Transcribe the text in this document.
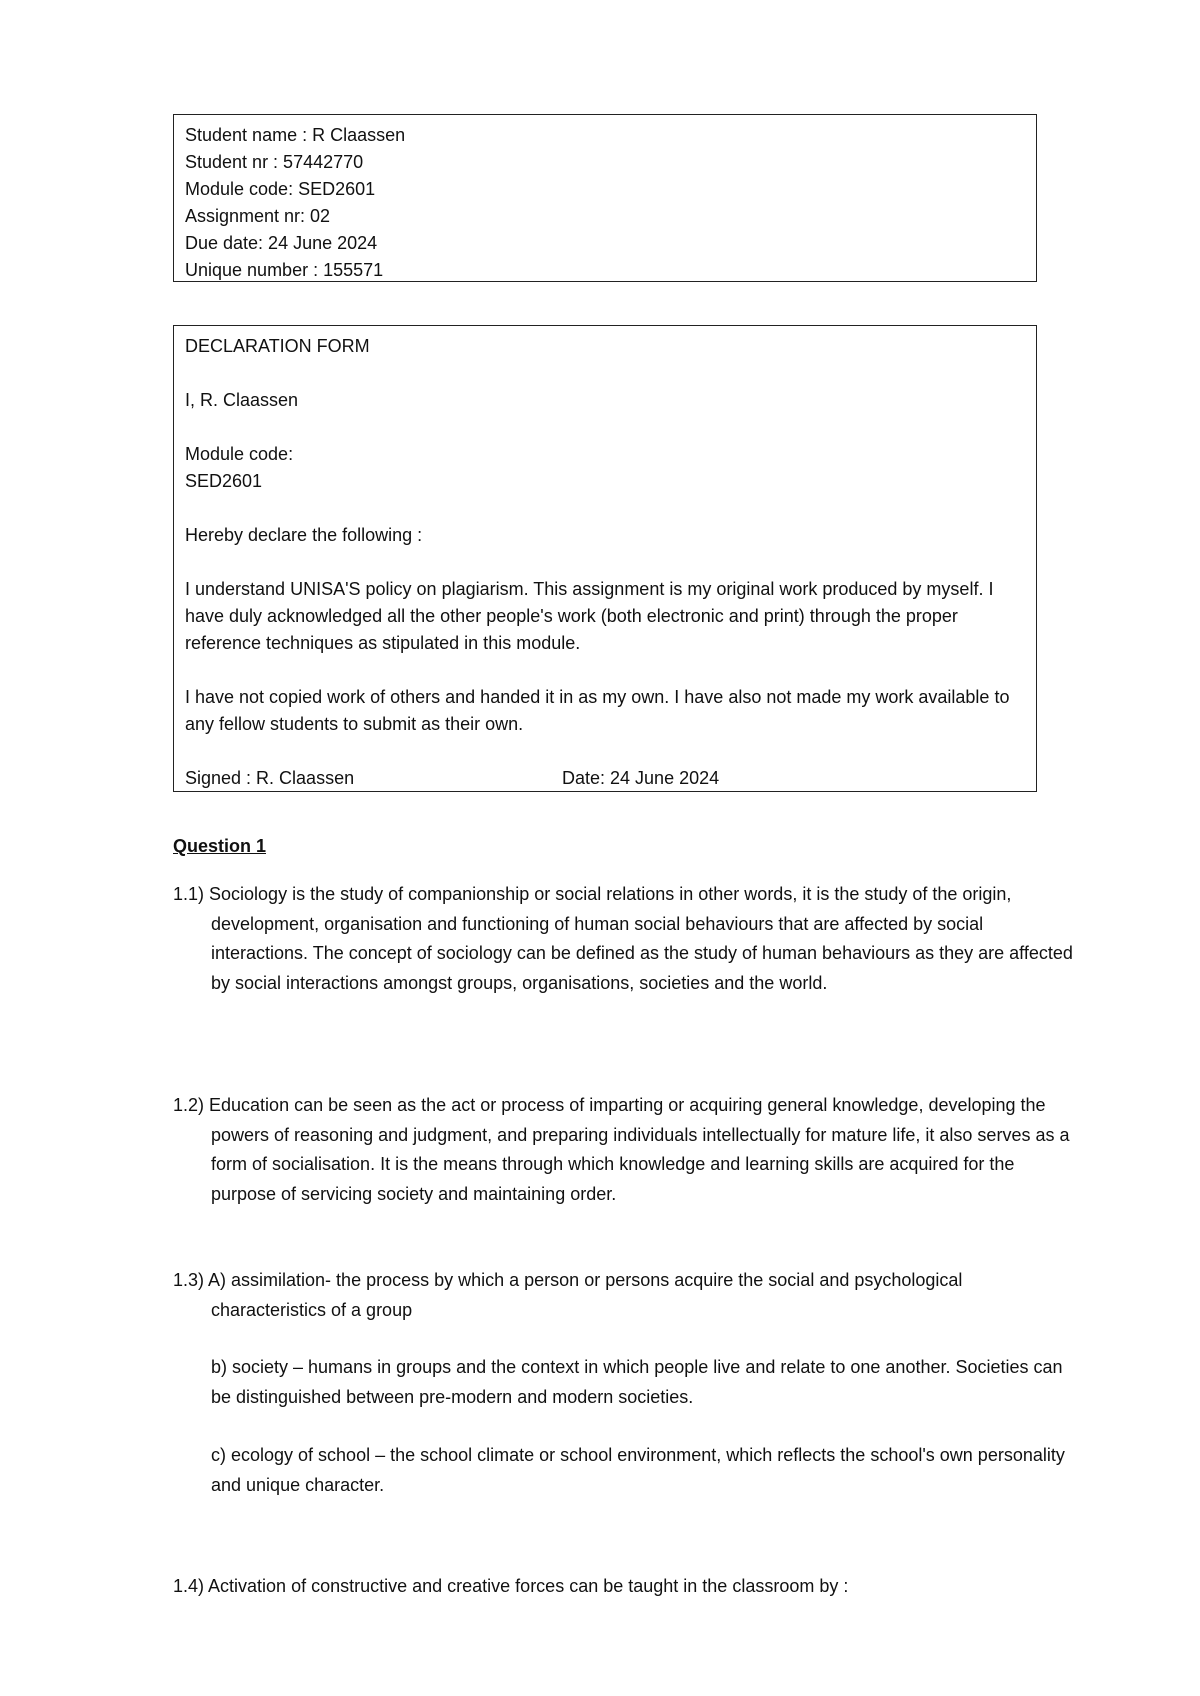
Student name : R Claassen
Student nr : 57442770
Module code: SED2601
Assignment nr: 02
Due date: 24 June 2024
Unique number : 155571
DECLARATION FORM
I, R. Claassen
Module code:
SED2601
Hereby declare the following :
I understand UNISA'S policy on plagiarism. This assignment is my original work produced by myself. I have duly acknowledged all the other people's work (both electronic and print) through the proper reference techniques as stipulated in this module.
I have not copied work of others and handed it in as my own. I have also not made my work available to any fellow students to submit as their own.
Signed : R. Claassen	Date: 24 June 2024
Question 1
1.1) Sociology is the study of companionship or social relations in other words, it is the study of the origin, development, organisation and functioning of human social behaviours that are affected by social interactions. The concept of sociology can be defined as the study of human behaviours as they are affected by social interactions amongst groups, organisations, societies and the world.
1.2) Education can be seen as the act or process of imparting or acquiring general knowledge, developing the powers of reasoning and judgment, and preparing individuals intellectually for mature life, it also serves as a form of socialisation. It is the means through which knowledge and learning skills are acquired for the purpose of servicing society and maintaining order.
1.3) A) assimilation- the process by which a person or persons acquire the social and psychological characteristics of a group
b) society – humans in groups and the context in which people live and relate to one another. Societies can be distinguished between pre-modern and modern societies.
c) ecology of school – the school climate or school environment, which reflects the school's own personality and unique character.
1.4) Activation of constructive and creative forces can be taught in the classroom by :
